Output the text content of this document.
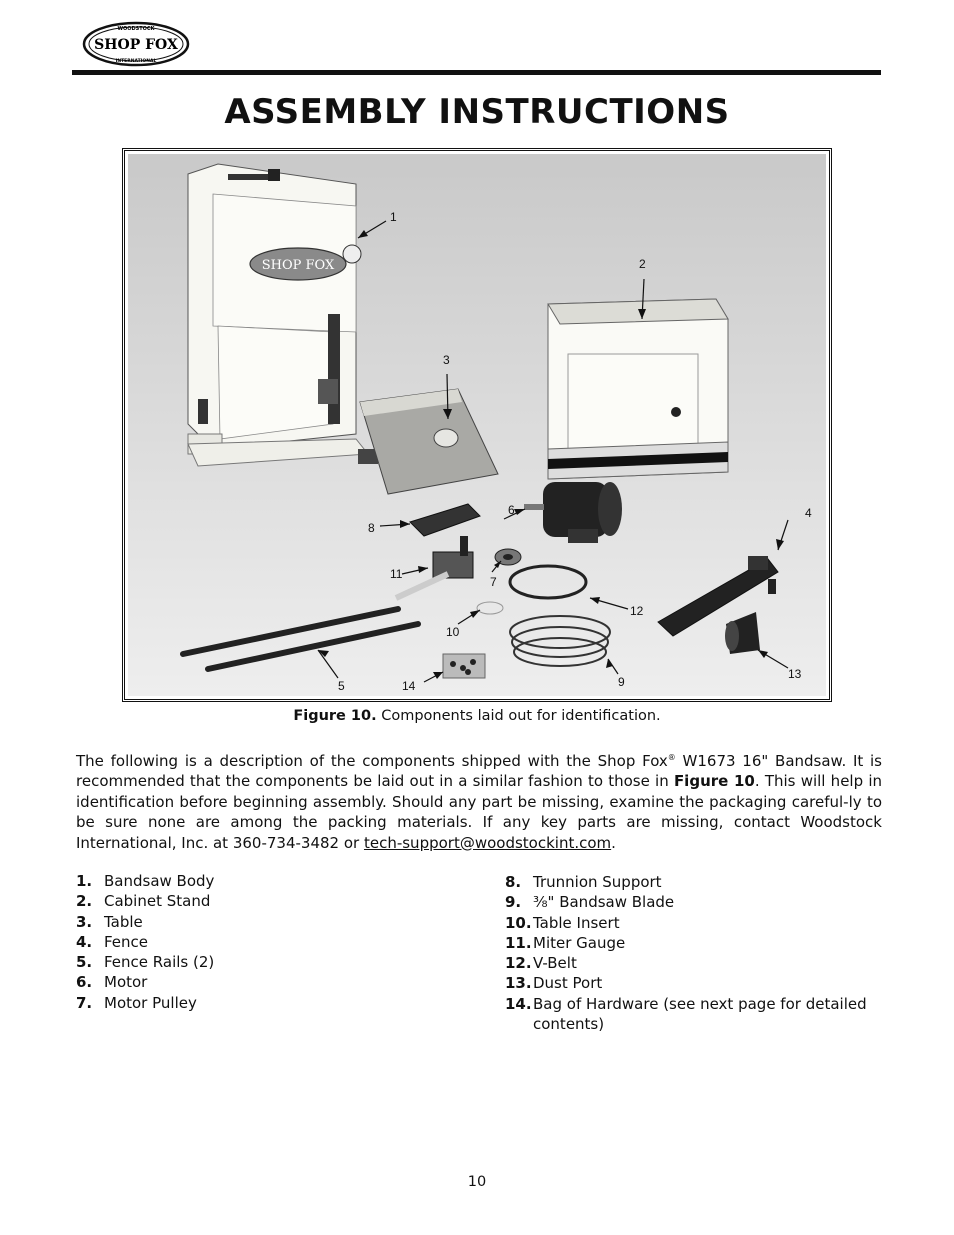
WOODSTOCK
SHOP FOX
INTERNATIONAL
ASSEMBLY INSTRUCTIONS
SHOP FOX
1
2
3
4
5
6
7
8
9
10
11
12
13
14
Figure 10. Components laid out for identification.

The following is a description of the components shipped with the Shop Fox® W1673 16" Bandsaw. It is recommended that the components be laid out in a similar fashion to those in Figure 10. This will help in identification before beginning assembly. Should any part be missing, examine the packaging careful-ly to be sure none are among the packing materials. If any key parts are missing, contact Woodstock International, Inc. at 360-734-3482 or tech-support@woodstockint.com.

1. Bandsaw Body
2. Cabinet Stand
3. Table
4. Fence
5. Fence Rails (2)
6. Motor
7. Motor Pulley
8. Trunnion Support
9. ³⁄₈" Bandsaw Blade
10. Table Insert
11. Miter Gauge
12. V-Belt
13. Dust Port
14. Bag of Hardware (see next page for detailed contents)
10
